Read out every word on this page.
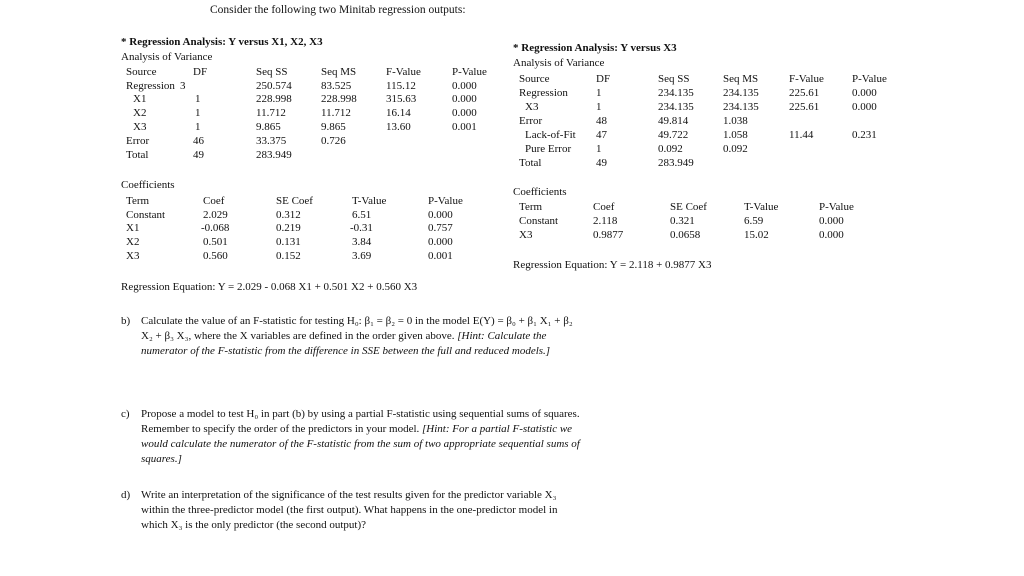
Consider the following two Minitab regression outputs:
* Regression Analysis: Y versus X1, X2, X3
Analysis of Variance
Source	DF	Seq SS	Seq MS	F-Value	P-Value
Regression 3	250.574	83.525	115.12	0.000
X1	1	228.998	228.998	315.63	0.000
X2	1	11.712	11.712	16.14	0.000
X3	1	9.865	9.865	13.60	0.001
Error	46	33.375	0.726
Total	49	283.949
Coefficients
Term	Coef	SE Coef	T-Value	P-Value
Constant	2.029	0.312	6.51	0.000
X1	-0.068	0.219	-0.31	0.757
X2	0.501	0.131	3.84	0.000
X3	0.560	0.152	3.69	0.001
Regression Equation: Y = 2.029 - 0.068 X1 + 0.501 X2 + 0.560 X3
* Regression Analysis: Y versus X3
Analysis of Variance
Source	DF	Seq SS	Seq MS	F-Value	P-Value
Regression	1	234.135	234.135	225.61	0.000
X3	1	234.135	234.135	225.61	0.000
Error	48	49.814	1.038
Lack-of-Fit 47	49.722	1.058	11.44	0.231
Pure Error 1	0.092	0.092
Total	49	283.949
Coefficients
Term	Coef	SE Coef	T-Value	P-Value
Constant	2.118	0.321	6.59	0.000
X3	0.9877	0.0658	15.02	0.000
Regression Equation: Y = 2.118 + 0.9877 X3
b) Calculate the value of an F-statistic for testing H₀: β₁ = β₂ = 0 in the model E(Y) = β₀ + β₁ X₁ + β₂ X₂ + β₃ X₃, where the X variables are defined in the order given above. [Hint: Calculate the numerator of the F-statistic from the difference in SSE between the full and reduced models.]
c) Propose a model to test H₀ in part (b) by using a partial F-statistic using sequential sums of squares. Remember to specify the order of the predictors in your model. [Hint: For a partial F-statistic we would calculate the numerator of the F-statistic from the sum of two appropriate sequential sums of squares.]
d) Write an interpretation of the significance of the test results given for the predictor variable X₃ within the three-predictor model (the first output). What happens in the one-predictor model in which X₃ is the only predictor (the second output)?
